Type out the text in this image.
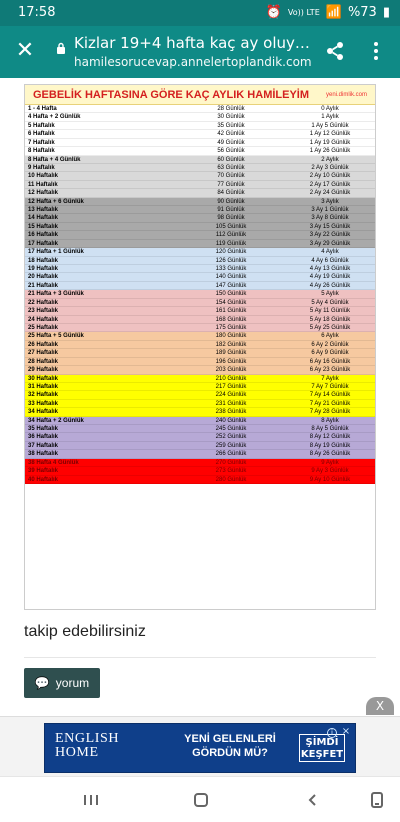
17:58	⏰ Vo)) LTE 📶 %73 ▮
✕	Kizlar 19+4 hafta kaç ay oluy…
hamilesorucevap.annelertoplandik.com
GEBELİK HAFTASINA GÖRE KAÇ AYLIK HAMİLEYİM	yeni.dimlik.com
1 - 4 Hafta	28 Günlük	0 Aylık
4 Hafta + 2 Günlük	30 Günlük	1 Aylık
5 Haftalık	35 Günlük	1 Ay 5 Günlük
6 Haftalık	42 Günlük	1 Ay 12 Günlük
7 Haftalık	49 Günlük	1 Ay 19 Günlük
8 Haftalık	56 Günlük	1 Ay 26 Günlük
8 Hafta + 4 Günlük	60 Günlük	2 Aylık
9 Haftalık	63 Günlük	2 Ay 3 Günlük
10 Haftalık	70 Günlük	2 Ay 10 Günlük
11 Haftalık	77 Günlük	2 Ay 17 Günlük
12 Haftalık	84 Günlük	2 Ay 24 Günlük
12 Hafta + 6 Günlük	90 Günlük	3 Aylık
13 Haftalık	91 Günlük	3 Ay 1 Günlük
14 Haftalık	98 Günlük	3 Ay 8 Günlük
15 Haftalık	105 Günlük	3 Ay 15 Günlük
16 Haftalık	112 Günlük	3 Ay 22 Günlük
17 Haftalık	119 Günlük	3 Ay 29 Günlük
17 Hafta + 1 Günlük	120 Günlük	4 Aylık
18 Haftalık	126 Günlük	4 Ay 6 Günlük
19 Haftalık	133 Günlük	4 Ay 13 Günlük
20 Haftalık	140 Günlük	4 Ay 19 Günlük
21 Haftalık	147 Günlük	4 Ay 26 Günlük
21 Hafta + 3 Günlük	150 Günlük	5 Aylık
22 Haftalık	154 Günlük	5 Ay 4 Günlük
23 Haftalık	161 Günlük	5 Ay 11 Günlük
24 Haftalık	168 Günlük	5 Ay 18 Günlük
25 Haftalık	175 Günlük	5 Ay 25 Günlük
25 Hafta + 5 Günlük	180 Günlük	6 Aylık
26 Haftalık	182 Günlük	6 Ay 2 Günlük
27 Haftalık	189 Günlük	6 Ay 9 Günlük
28 Haftalık	196 Günlük	6 Ay 16 Günlük
29 Haftalık	203 Günlük	6 Ay 23 Günlük
30 Haftalık	210 Günlük	7 Aylık
31 Haftalık	217 Günlük	7 Ay 7 Günlük
32 Haftalık	224 Günlük	7 Ay 14 Günlük
33 Haftalık	231 Günlük	7 Ay 21 Günlük
34 Haftalık	238 Günlük	7 Ay 28 Günlük
34 Hafta + 2 Günlük	240 Günlük	8 Aylık
35 Haftalık	245 Günlük	8 Ay 5 Günlük
36 Haftalık	252 Günlük	8 Ay 12 Günlük
37 Haftalık	259 Günlük	8 Ay 19 Günlük
38 Haftalık	266 Günlük	8 Ay 26 Günlük
38 Hafta 4 Günlük	270 Günlük	9 Aylık
39 Haftalık	273 Günlük	9 Ay 3 Günlük
40 Haftalık	280 Günlük	9 Ay 10 Günlük
takip edebilirsiniz
💬 yorum
X
ENGLISH
HOME
YENİ GELENLERİ
GÖRDÜN MÜ?
ŞİMDİ
KEŞFET
i ×
